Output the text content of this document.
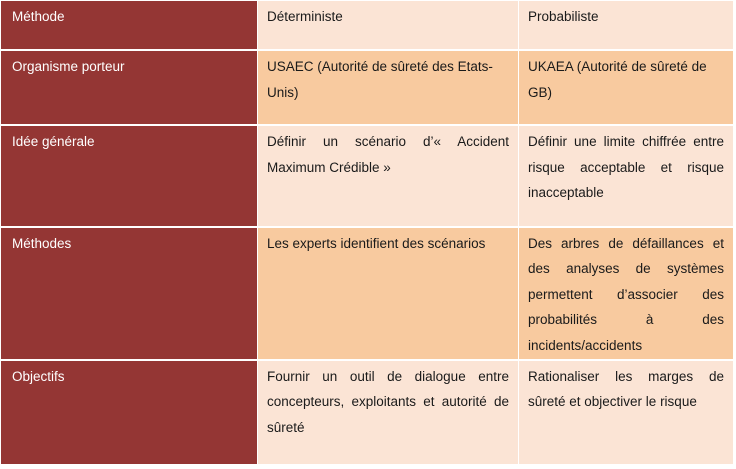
Méthode	Déterministe	Probabiliste
Organisme porteur	USAEC (Autorité de sûreté des Etats-Unis)	UKAEA (Autorité de sûreté de GB)
Idée générale	Définir un scénario d’« Accident Maximum Crédible »	Définir une limite chiffrée entre risque acceptable et risque inacceptable
Méthodes	Les experts identifient des scénarios	Des arbres de défaillances et des analyses de systèmes permettent d’associer des probabilités à des incidents/accidents
Objectifs	Fournir un outil de dialogue entre concepteurs, exploitants et autorité de sûreté	Rationaliser les marges de sûreté et objectiver le risque
